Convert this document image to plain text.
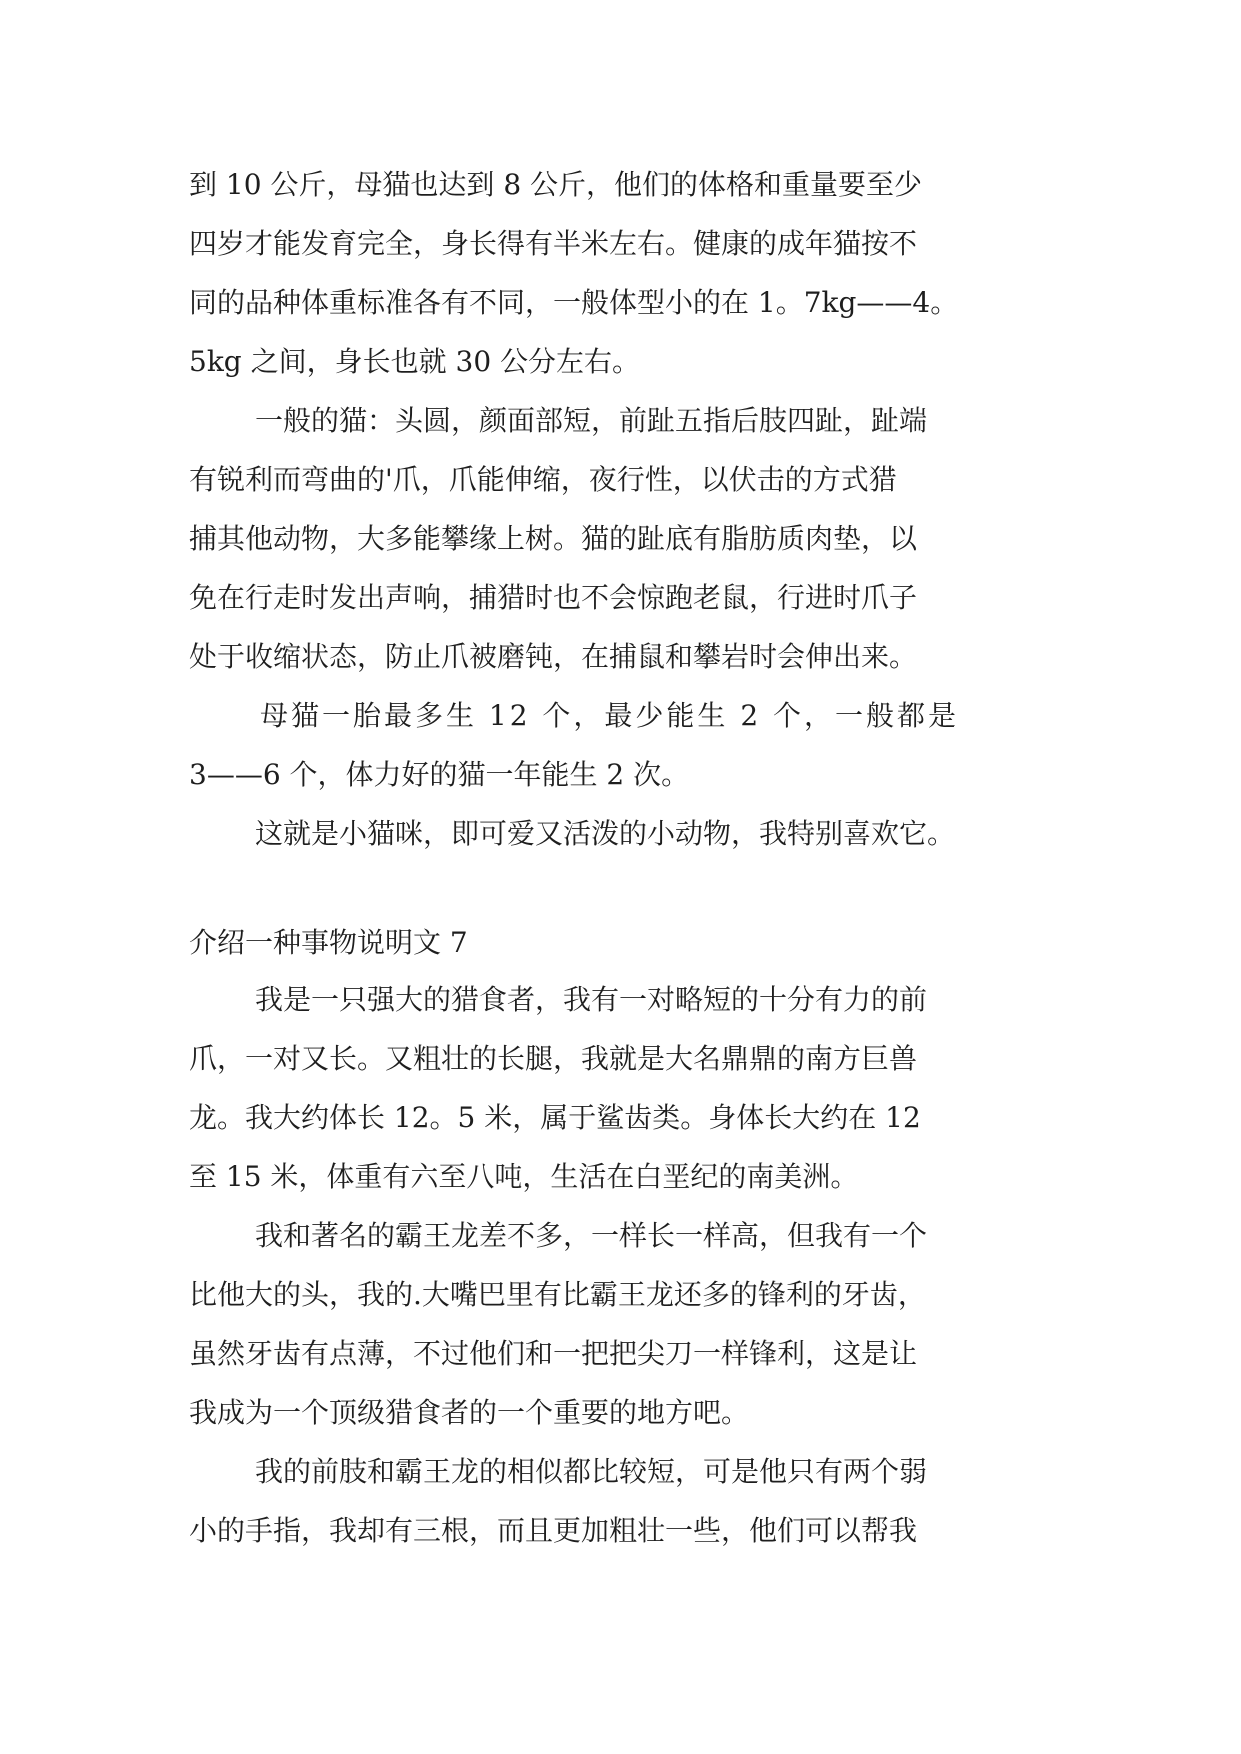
到 10 公斤，母猫也达到 8 公斤，他们的体格和重量要至少
四岁才能发育完全，身长得有半米左右。健康的成年猫按不
同的品种体重标准各有不同，一般体型小的在 1。7kg——4。
5kg 之间，身长也就 30 公分左右。
一般的猫：头圆，颜面部短，前趾五指后肢四趾，趾端
有锐利而弯曲的'爪，爪能伸缩，夜行性，以伏击的方式猎
捕其他动物，大多能攀缘上树。猫的趾底有脂肪质肉垫，以
免在行走时发出声响，捕猎时也不会惊跑老鼠，行进时爪子
处于收缩状态，防止爪被磨钝，在捕鼠和攀岩时会伸出来。
母猫一胎最多生 12 个，最少能生 2 个，一般都是
3——6 个，体力好的猫一年能生 2 次。
这就是小猫咪，即可爱又活泼的小动物，我特别喜欢它。
介绍一种事物说明文 7
我是一只强大的猎食者，我有一对略短的十分有力的前
爪，一对又长。又粗壮的长腿，我就是大名鼎鼎的南方巨兽
龙。我大约体长 12。5 米，属于鲨齿类。身体长大约在 12
至 15 米，体重有六至八吨，生活在白垩纪的南美洲。
我和著名的霸王龙差不多，一样长一样高，但我有一个
比他大的头，我的.大嘴巴里有比霸王龙还多的锋利的牙齿，
虽然牙齿有点薄，不过他们和一把把尖刀一样锋利，这是让
我成为一个顶级猎食者的一个重要的地方吧。
我的前肢和霸王龙的相似都比较短，可是他只有两个弱
小的手指，我却有三根，而且更加粗壮一些，他们可以帮我
